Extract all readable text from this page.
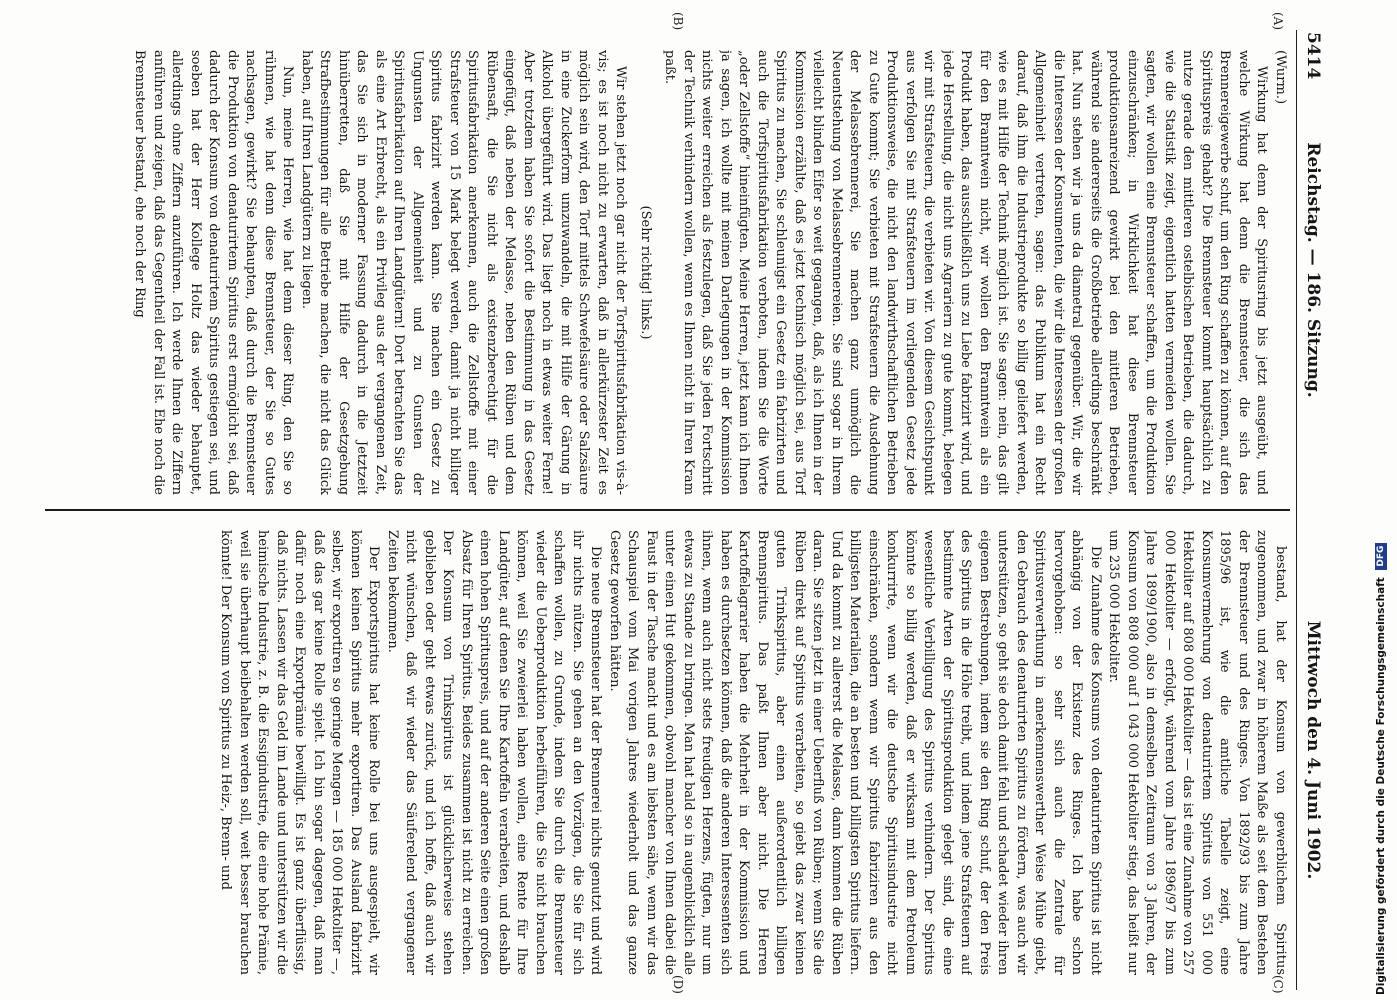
5414
Reichstag. — 186. Sitzung.
Mittwoch den 4. Juni 1902.
(A)
(B)
(C)
(D)

(Wurm.)

Wirkung hat denn der Spiritusring bis jetzt ausgeübt, und welche Wirkung hat denn die Brennsteuer, die sich das Brennereigewerbe schuf, um den Ring schaffen zu können, auf den Spirituspreis gehabt? Die Brennsteuer kommt hauptsächlich zu nutze gerade den mittleren ostelbischen Betrieben, die dadurch, wie die Statistik zeigt, eigentlich hatten vermeiden wollen. Sie sagten, wir wollen eine Brennsteuer schaffen, um die Produktion einzuschränken; in Wirklichkeit hat diese Brennsteuer produktionsanreizend gewirkt bei den mittleren Betrieben, während sie andererseits die Großbetriebe allerdings beschränkt hat. Nun stehen wir ja uns da diametral gegenüber. Wir, die wir die Interessen der Konsumenten, die wir die Interessen der großen Allgemeinheit vertreten, sagen: das Publikum hat ein Recht darauf, daß ihm die Industrieprodukte so billig geliefert werden, wie es mit Hilfe der Technik möglich ist. Sie sagen: nein, das gilt für den Branntwein nicht, wir wollen den Branntwein als ein Produkt haben, das ausschließlich uns zu Liebe fabrizirt wird, und jede Herstellung, die nicht uns Agrariern zu gute kommt, belegen wir mit Strafsteuern, die verbieten wir. Von diesem Gesichtspunkt aus verfolgen Sie mit Strafsteuern im vorliegenden Gesetz jede Produktionsweise, die nicht den landwirthschaftlichen Betrieben zu Gute kommt; Sie verbieten mit Strafsteuern die Ausdehnung der Melassebrennerei, Sie machen ganz unmöglich die Neuentstehung von Melassebrennereien. Sie sind sogar in Ihrem vielleicht blinden Eifer so weit gegangen, daß, als ich Ihnen in der Kommission erzählte, daß es jetzt technisch möglich sei, aus Torf Spiritus zu machen, Sie schleunigst ein Gesetz ein fabrizirten und auch die Torfspiritusfabrikation verboten, indem Sie die Worte „oder Zellstoffe“ hineinfügten. Meine Herren, jetzt kann ich Ihnen ja sagen, ich wollte mit meinen Darlegungen in der Kommission nichts weiter erreichen als festzulegen, daß Sie jeden Fortschritt der Technik verhindern wollen, wenn es Ihnen nicht in Ihren Kram paßt.

(Sehr richtig! links.)

Wir stehen jetzt noch gar nicht der Torfspiritusfabrikation vis-à-vis; es ist noch nicht zu erwarten, daß in allerkürzester Zeit es möglich sein wird, den Torf mittels Schwefelsäure oder Salzsäure in eine Zuckerform umzuwandeln, die mit Hilfe der Gärung in Alkohol übergeführt wird. Das liegt noch in etwas weiter Ferne! Aber trotzdem haben Sie sofort die Bestimmung in das Gesetz eingefügt, daß neben der Melasse, neben den Rüben und dem Rübensaft, die Sie nicht als existenzberechtigt für die Spiritusfabrikation anerkennen, auch die Zellstoffe mit einer Strafsteuer von 15 Mark belegt werden, damit ja nicht billiger Spiritus fabrizirt werden kann. Sie machen ein Gesetz zu Ungunsten der Allgemeinheit und zu Gunsten der Spiritusfabrikation auf Ihren Landgütern! Dort betrachten Sie das als eine Art Erbrecht, als ein Privileg aus der vergangenen Zeit, das Sie sich in moderner Fassung dadurch in die Jetztzeit hinüberretten, daß Sie mit Hilfe der Gesetzgebung Strafbestimmungen für alle Betriebe machen, die nicht das Glück haben, auf Ihren Landgütern zu liegen.

Nun, meine Herren, wie hat denn dieser Ring, den Sie so rühmen, wie hat denn diese Brennsteuer, der Sie so Gutes nachsagen, gewirkt? Sie behaupten, daß durch die Brennsteuer die Produktion von denaturirtem Spiritus erst ermöglicht sei, daß dadurch der Konsum von denaturirtem Spiritus gestiegen sei, und soeben hat der Herr Kollege Holtz das wieder behauptet, allerdings ohne Ziffern anzuführen. Ich werde Ihnen die Ziffern anführen und zeigen, daß das Gegentheil der Fall ist. Ehe noch die Brennsteuer bestand, ehe noch der Ring

bestand, hat der Konsum von gewerblichem Spiritus zugenommen, und zwar in höherem Maße als seit dem Bestehen der Brennsteuer und des Ringes. Von 1892/93 bis zum Jahre 1895/96 ist, wie die amtliche Tabelle zeigt, eine Konsumvermehrung von denaturirtem Spiritus von 551 000 Hektoliter auf 808 000 Hektoliter — das ist eine Zunahme von 257 000 Hektoliter — erfolgt, während vom Jahre 1896/97 bis zum Jahre 1899/1900, also in demselben Zeitraum von 3 Jahren, der Konsum von 808 000 auf 1 043 000 Hektoliter stieg, das heißt nur um 235 000 Hektoliter.

Die Zunahme des Konsums von denaturirtem Spiritus ist nicht abhängig von der Existenz des Ringes. Ich habe schon hervorgehoben: so sehr sich auch die Zentrale für Spiritusverwerthung in anerkennenswerther Weise Mühe giebt, den Gebrauch des denaturirten Spiritus zu fördern, was auch wir unterstützen, so geht sie doch damit fehl und schadet wieder ihren eigenen Bestrebungen, indem sie den Ring schuf, der den Preis des Spiritus in die Höhe treibt, und indem jene Strafsteuern auf bestimmte Arten der Spiritusproduktion gelegt sind, die eine wesentliche Verbilligung des Spiritus verhindern. Der Spiritus könnte so billig werden, daß er wirksam mit dem Petroleum konkurrirte, wenn wir die deutsche Spiritusindustrie nicht einschränken, sondern wenn wir Spiritus fabriziren aus den billigsten Materialien, die an besten und billigsten Spiritus liefern. Und da kommt zu allererst die Melasse, dann kommen die Rüben daran. Sie sitzen jetzt in einer Ueberfluß von Rüben; wenn Sie die Rüben direkt auf Spiritus verarbeiten, so giebt das zwar keinen guten Trinkspiritus, aber einen außerordentlich billigen Brennspiritus. Das paßt Ihnen aber nicht. Die Herren Kartoffelagrarier haben die Mehrheit in der Kommission und haben es durchsetzen können, daß die anderen Interessenten sich ihnen, wenn auch nicht stets freudigen Herzens, fügten, nur um etwas zu Stande zu bringen. Man hat bald so in augenblicklich alle unter einen Hut gekommen, obwohl mancher von Ihnen dabei die Faust in der Tasche macht und es am liebsten sähe, wenn wir das Schauspiel vom Mai vorigen Jahres wiederholt und das ganze Gesetz geworfen hätten.

Die neue Brennsteuer hat der Brennerei nichts genutzt und wird ihr nichts nützen. Sie gehen an den Vorzügen, die Sie für sich schaffen wollen, zu Grunde, indem Sie durch die Brennsteuer wieder die Ueberproduktion herbeiführen, die Sie nicht brauchen können, weil Sie zweierlei haben wollen, eine Rente für Ihre Landgüter, auf denen Sie Ihre Kartoffeln verarbeiten, und deshalb einen hohen Spirituspreis, und auf der anderen Seite einen großen Absatz für Ihren Spiritus. Beides zusammen ist nicht zu erreichen. Der Konsum von Trinkspiritus ist glücklicherweise stehen geblieben oder geht etwas zurück, und ich hoffe, daß auch wir nicht wünschen, daß wir wieder das Säuferelend vergangener Zeiten bekommen.

Der Exportspiritus hat keine Rolle bei uns ausgespielt, wir können keinen Spiritus mehr exportiren. Das Ausland fabrizirt selber, wir exportiren so geringe Mengen — 185 000 Hektoliter —, daß das gar keine Rolle spielt. Ich bin sogar dagegen, daß man dafür noch eine Exportprämie bewilligt. Es ist ganz überflüssig, daß nichts. Lassen wir das Geld im Lande und unterstützen wir die heimische Industrie, z. B. die Essigindustrie, die eine hohe Prämie, weil sie überhaupt beibehalten werden soll, weit besser brauchen könnte! Der Konsum von Spiritus zu Heiz-, Brenn- und	Digitalisierung gefördert durch die Deutsche Forschungsgemeinschaft DFG
